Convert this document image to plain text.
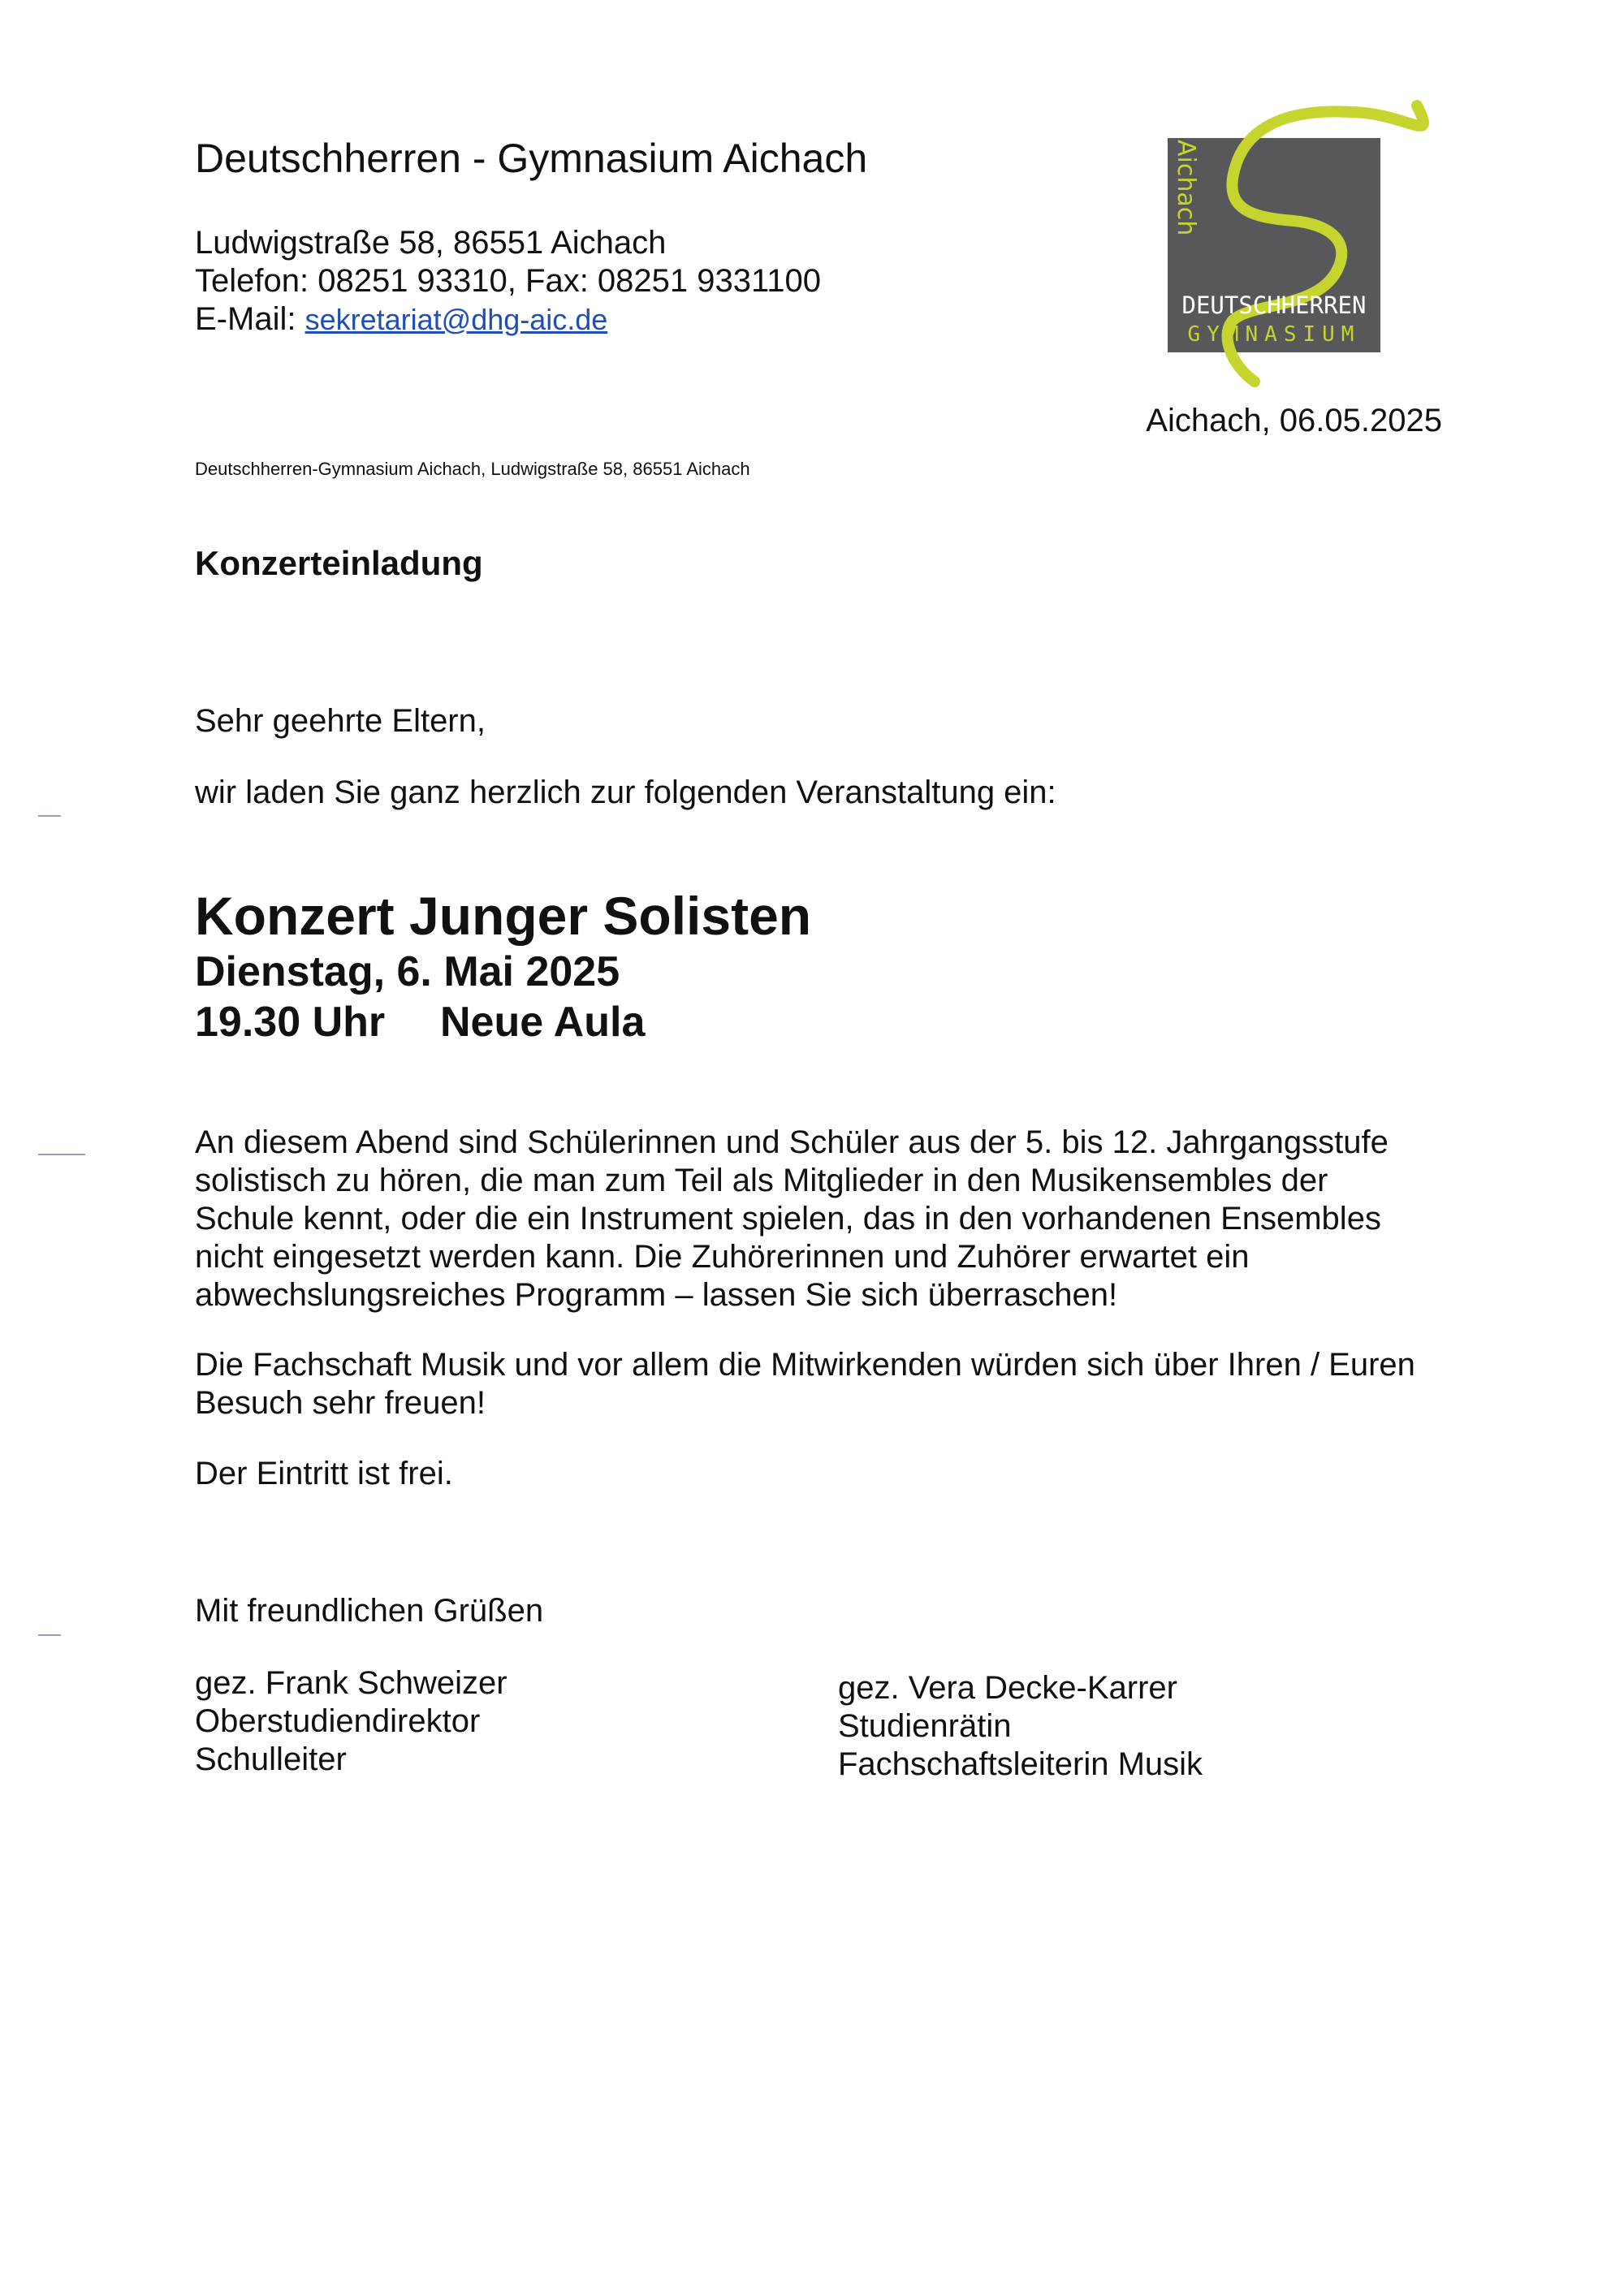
Deutschherren - Gymnasium Aichach
Ludwigstraße 58, 86551 Aichach
Telefon: 08251 93310, Fax: 08251 9331100
E-Mail: sekretariat@dhg-aic.de
Aichach
DEUTSCHHERREN
GYMNASIUM
Aichach, 06.05.2025
Deutschherren-Gymnasium Aichach, Ludwigstraße 58, 86551 Aichach
Konzerteinladung
Sehr geehrte Eltern,
wir laden Sie ganz herzlich zur folgenden Veranstaltung ein:
Konzert Junger Solisten
Dienstag, 6. Mai 2025
19.30 Uhr Neue Aula
An diesem Abend sind Schülerinnen und Schüler aus der 5. bis 12. Jahrgangsstufe
solistisch zu hören, die man zum Teil als Mitglieder in den Musikensembles der
Schule kennt, oder die ein Instrument spielen, das in den vorhandenen Ensembles
nicht eingesetzt werden kann. Die Zuhörerinnen und Zuhörer erwartet ein
abwechslungsreiches Programm – lassen Sie sich überraschen!
Die Fachschaft Musik und vor allem die Mitwirkenden würden sich über Ihren / Euren
Besuch sehr freuen!
Der Eintritt ist frei.
Mit freundlichen Grüßen
gez. Frank Schweizer
Oberstudiendirektor
Schulleiter
gez. Vera Decke-Karrer
Studienrätin
Fachschaftsleiterin Musik
